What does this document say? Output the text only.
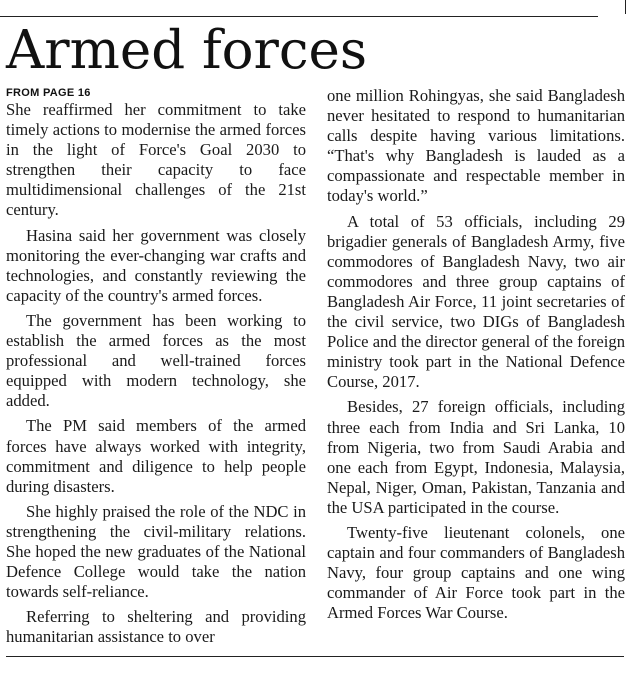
Armed forces
FROM PAGE 16

She reaffirmed her commitment to take timely actions to modernise the armed forces in the light of Force's Goal 2030 to strengthen their capacity to face multidimensional challenges of the 21st century.

Hasina said her government was closely monitoring the ever-changing war crafts and technologies, and constantly reviewing the capacity of the country's armed forces.

The government has been working to establish the armed forces as the most professional and well-trained forces equipped with modern technology, she added.

The PM said members of the armed forces have always worked with integrity, commitment and diligence to help people during disasters.

She highly praised the role of the NDC in strengthening the civil-military relations. She hoped the new graduates of the National Defence College would take the nation towards self-reliance.

Referring to sheltering and providing humanitarian assistance to over

one million Rohingyas, she said Bangladesh never hesitated to respond to humanitarian calls despite having various limitations. “That's why Bangladesh is lauded as a compassionate and respectable member in today's world.”

A total of 53 officials, including 29 brigadier generals of Bangladesh Army, five commodores of Bangladesh Navy, two air commodores and three group captains of Bangladesh Air Force, 11 joint secretaries of the civil service, two DIGs of Bangladesh Police and the director general of the foreign ministry took part in the National Defence Course, 2017.

Besides, 27 foreign officials, including three each from India and Sri Lanka, 10 from Nigeria, two from Saudi Arabia and one each from Egypt, Indonesia, Malaysia, Nepal, Niger, Oman, Pakistan, Tanzania and the USA participated in the course.

Twenty-five lieutenant colonels, one captain and four commanders of Bangladesh Navy, four group captains and one wing commander of Air Force took part in the Armed Forces War Course.
